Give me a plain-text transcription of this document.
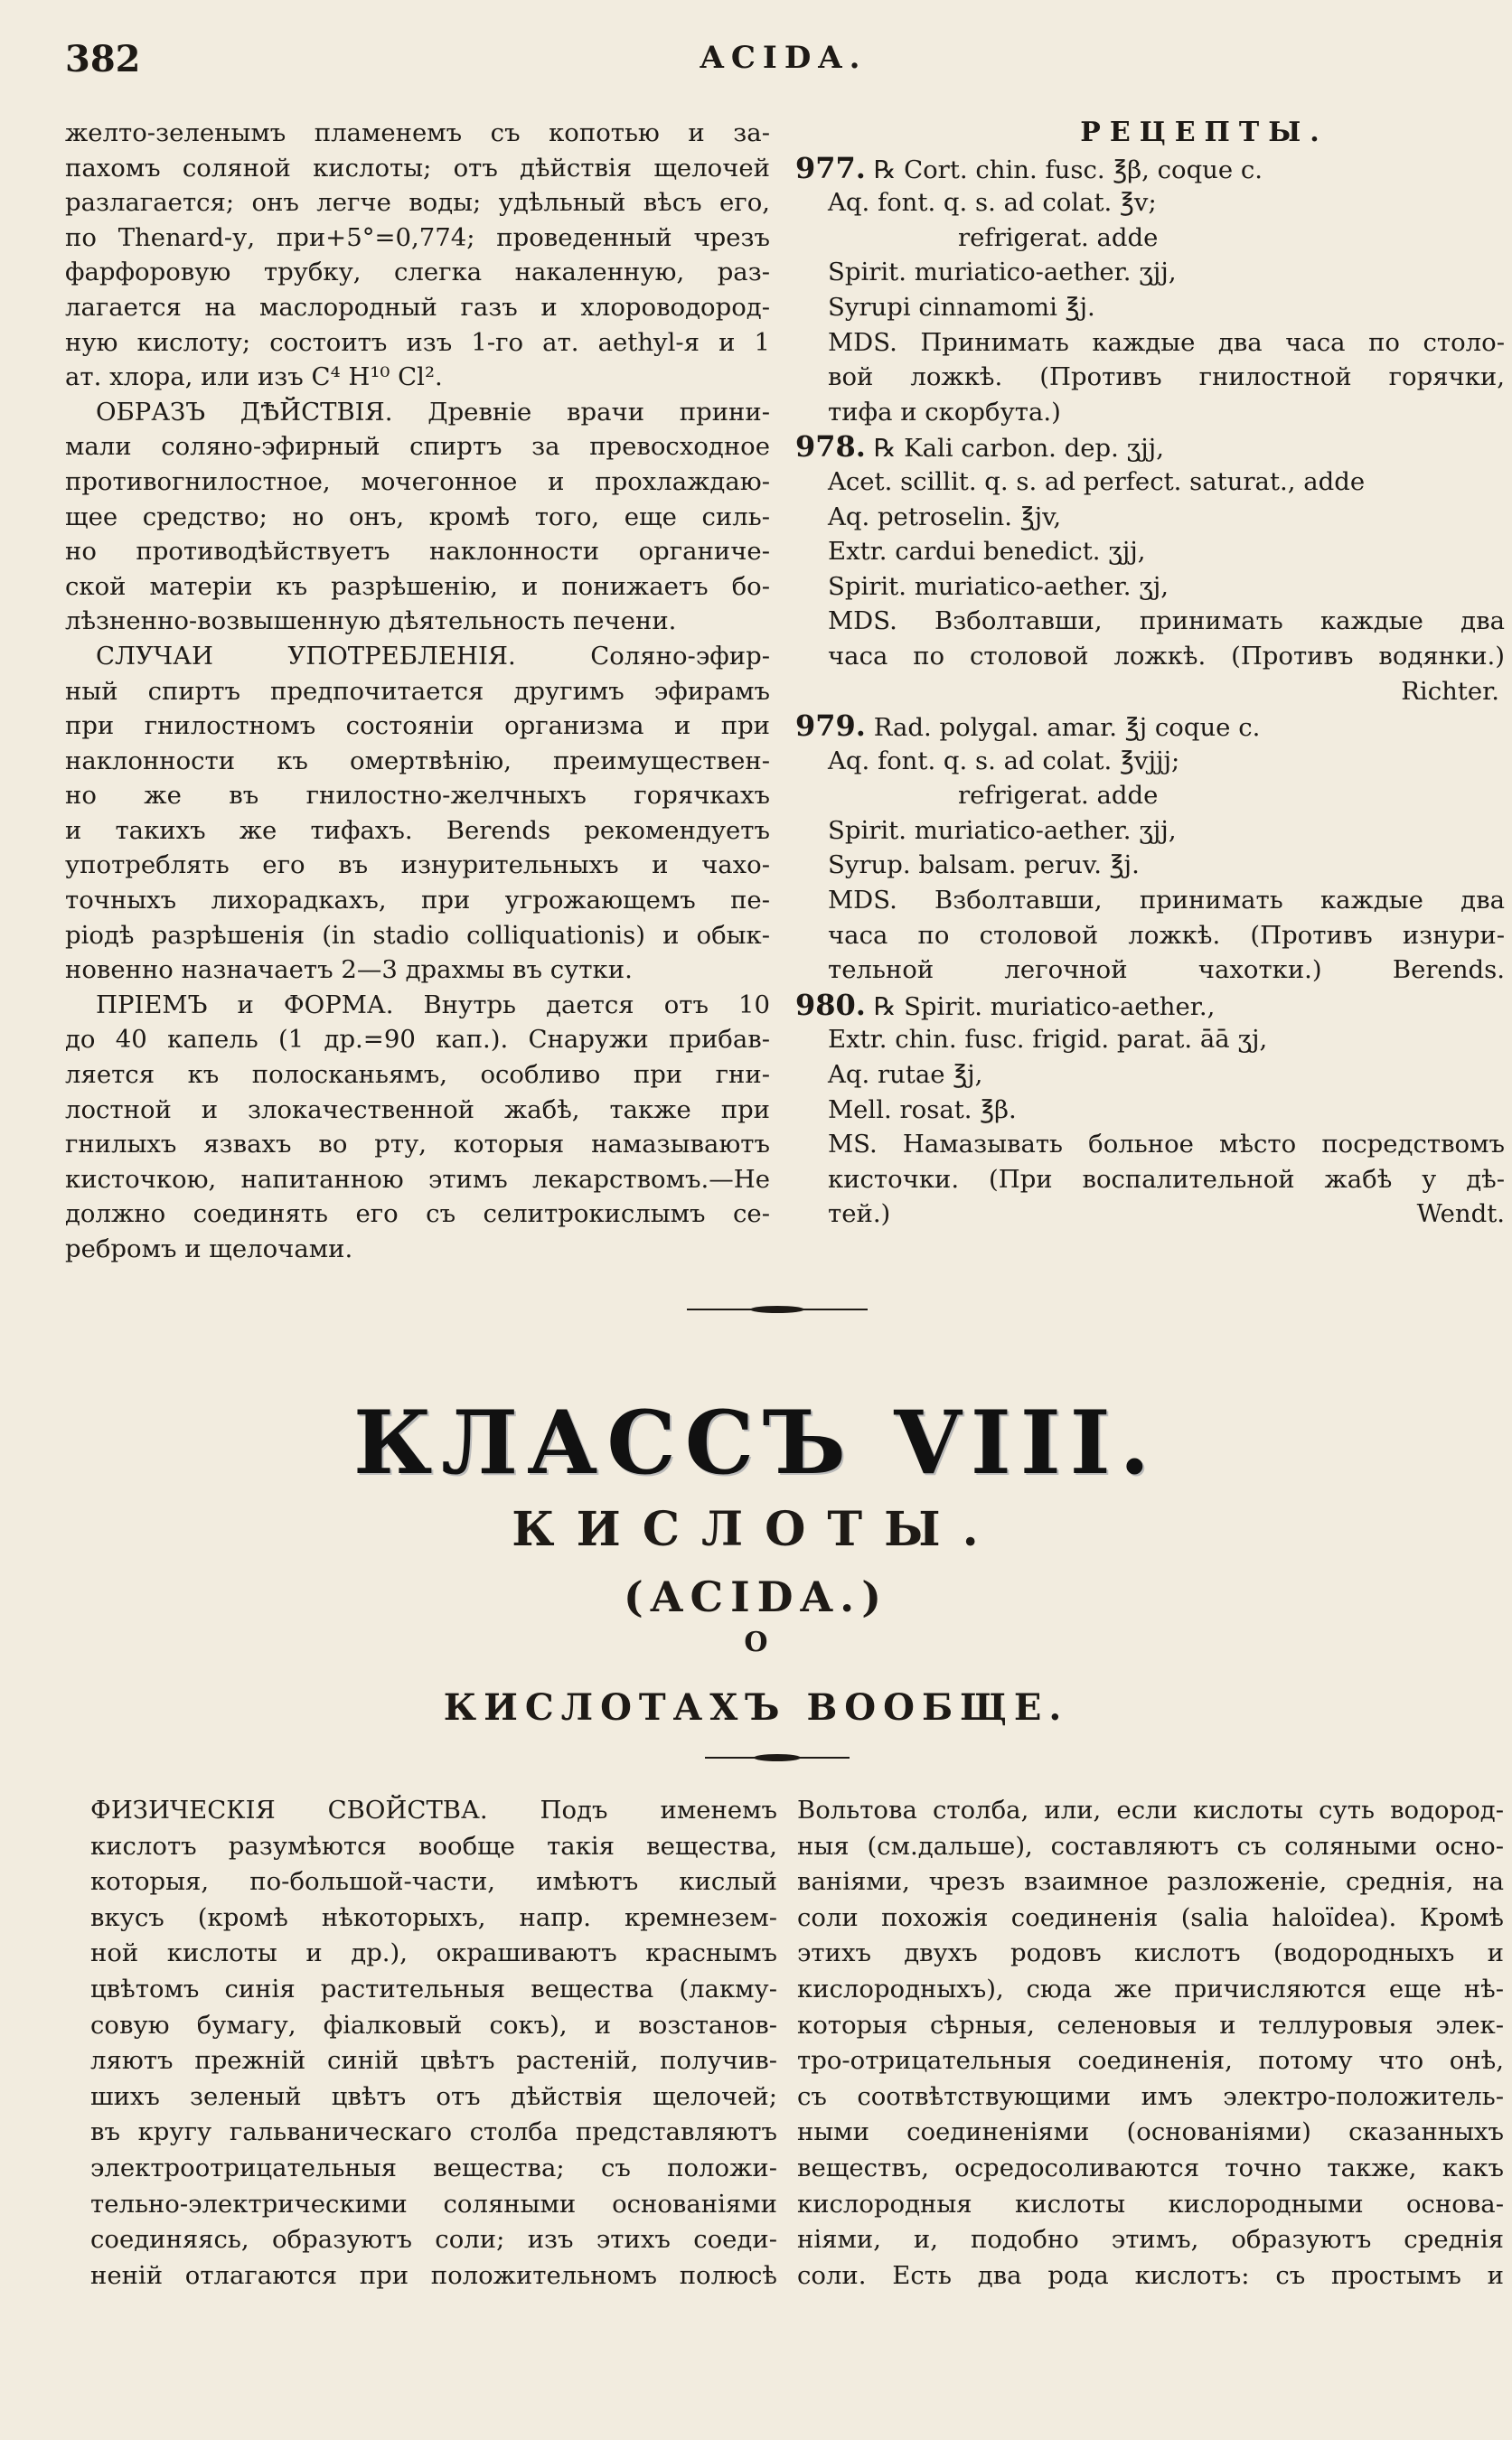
382	ACIDA.
желто-зеленымъ пламенемъ съ копотью и за-
пахомъ соляной кислоты; отъ дѣйствія щелочей
разлагается; онъ легче воды; удѣльный вѣсъ его,
по Thenard-у, при+5°=0,774; проведенный чрезъ
фарфоровую трубку, слегка накаленную, раз-
лагается на маслородный газъ и хлороводород-
ную кислоту; состоитъ изъ 1-го ат. aethyl-я и 1
ат. хлора, или изъ C⁴ H¹⁰ Cl².
ОБРАЗЪ ДѢЙСТВІЯ. Древніе врачи прини-
мали соляно-эфирный спиртъ за превосходное
противогнилостное, мочегонное и прохлаждаю-
щее средство; но онъ, кромѣ того, еще силь-
но противодѣйствуетъ наклонности органиче-
ской матеріи къ разрѣшенію, и понижаетъ бо-
лѣзненно-возвышенную дѣятельность печени.
СЛУЧАИ УПОТРЕБЛЕНІЯ. Соляно-эфир-
ный спиртъ предпочитается другимъ эфирамъ
при гнилостномъ состояніи организма и при
наклонности къ омертвѣнію, преимуществен-
но же въ гнилостно-желчныхъ горячкахъ
и такихъ же тифахъ. Berends рекомендуетъ
употреблять его въ изнурительныхъ и чахо-
точныхъ лихорадкахъ, при угрожающемъ пе-
ріодѣ разрѣшенія (in stadio colliquationis) и обык-
новенно назначаетъ 2—3 драхмы въ сутки.
ПРІЕМЪ и ФОРМА. Внутрь дается отъ 10
до 40 капель (1 др.=90 кап.). Снаружи прибав-
ляется къ полосканьямъ, особливо при гни-
лостной и злокачественной жабѣ, также при
гнилыхъ язвахъ во рту, которыя намазываютъ
кисточкою, напитанною этимъ лекарствомъ.—Не
должно соединять его съ селитрокислымъ се-
ребромъ и щелочами.
РЕЦЕПТЫ.
977. ℞ Cort. chin. fusc. ℥β, coque c.
Aq. font. q. s. ad colat. ℥v;
refrigerat. adde
Spirit. muriatico-aether. ʒjj,
Syrupi cinnamomi ℥j.
MDS. Принимать каждые два часа по столо-
вой ложкѣ. (Противъ гнилостной горячки,
тифа и скорбута.)
978. ℞ Kali carbon. dep. ʒjj,
Acet. scillit. q. s. ad perfect. saturat., adde
Aq. petroselin. ℥jv,
Extr. cardui benedict. ʒjj,
Spirit. muriatico-aether. ʒj,
MDS. Взболтавши, принимать каждые два
часа по столовой ложкѣ. (Противъ водянки.)
Richter.
979. Rad. polygal. amar. ℥j coque c.
Aq. font. q. s. ad colat. ℥vjjj;
refrigerat. adde
Spirit. muriatico-aether. ʒjj,
Syrup. balsam. peruv. ℥j.
MDS. Взболтавши, принимать каждые два
часа по столовой ложкѣ. (Противъ изнури-
тельной легочной чахотки.) Berends.
980. ℞ Spirit. muriatico-aether.,
Extr. chin. fusc. frigid. parat. āā ʒj,
Aq. rutae ℥j,
Mell. rosat. ℥β.
MS. Намазывать больное мѣсто посредствомъ
кисточки. (При воспалительной жабѣ у дѣ-
тей.) Wendt.
КЛАССЪ VIII.
КИСЛОТЫ.
(ACIDA.)
О
КИСЛОТАХЪ ВООБЩЕ.
ФИЗИЧЕСКІЯ СВОЙСТВА. Подъ именемъ
кислотъ разумѣются вообще такія вещества,
которыя, по-большой-части, имѣютъ кислый
вкусъ (кромѣ нѣкоторыхъ, напр. кремнезем-
ной кислоты и др.), окрашиваютъ краснымъ
цвѣтомъ синія растительныя вещества (лакму-
совую бумагу, фіалковый сокъ), и возстанов-
ляютъ прежній синій цвѣтъ растеній, получив-
шихъ зеленый цвѣтъ отъ дѣйствія щелочей;
въ кругу гальваническаго столба представляютъ
электроотрицательныя вещества; съ положи-
тельно-электрическими соляными основаніями
соединяясь, образуютъ соли; изъ этихъ соеди-
неній отлагаются при положительномъ полюсѣ
Вольтова столба, или, если кислоты суть водород-
ныя (см.дальше), составляютъ съ соляными осно-
ваніями, чрезъ взаимное разложеніе, среднія, на
соли похожія соединенія (salia haloïdea). Кромѣ
этихъ двухъ родовъ кислотъ (водородныхъ и
кислородныхъ), сюда же причисляются еще нѣ-
которыя сѣрныя, селеновыя и теллуровыя элек-
тро-отрицательныя соединенія, потому что онѣ,
съ соотвѣтствующими имъ электро-положитель-
ными соединеніями (основаніями) сказанныхъ
веществъ, осредосоливаются точно также, какъ
кислородныя кислоты кислородными основа-
ніями, и, подобно этимъ, образуютъ среднія
соли. Есть два рода кислотъ: съ простымъ и
